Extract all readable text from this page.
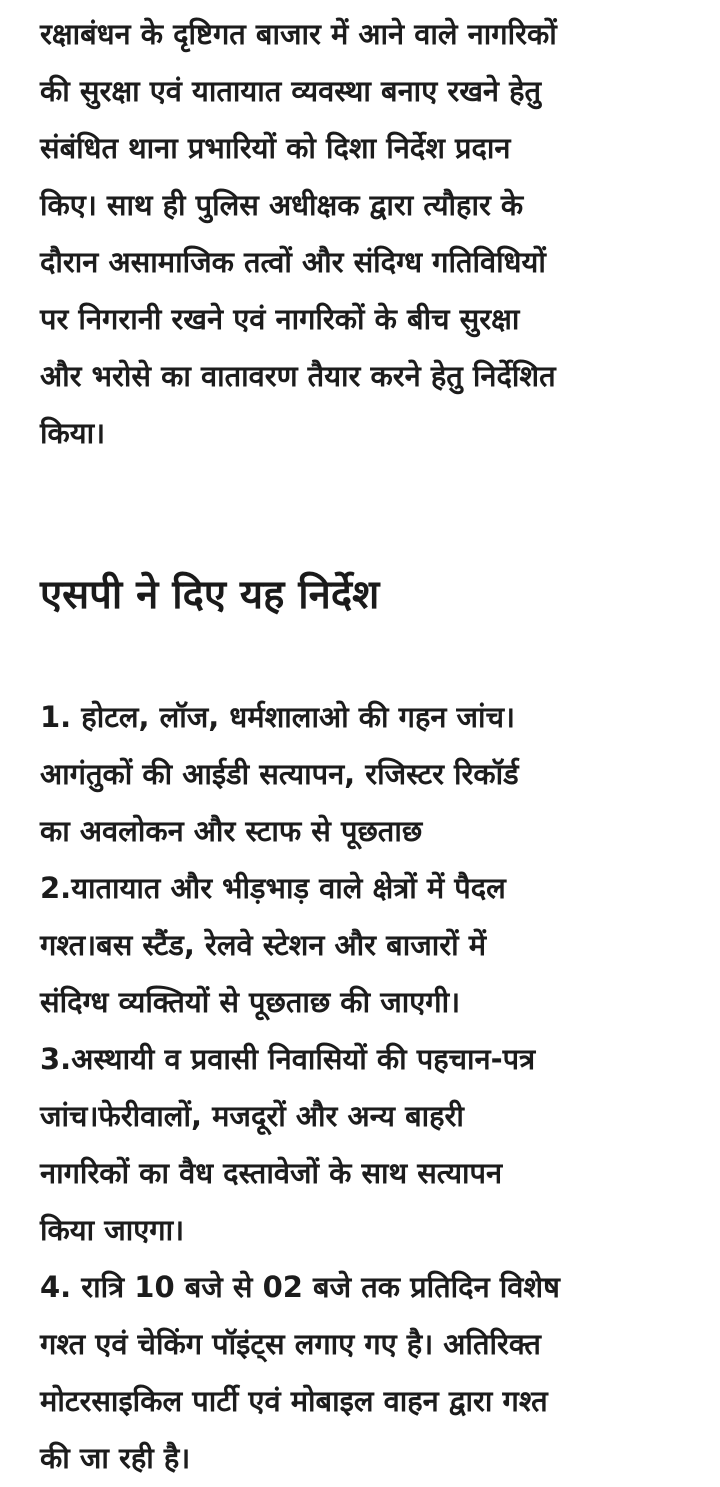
रक्षाबंधन के दृष्टिगत बाजार में आने वाले नागरिकों
की सुरक्षा एवं यातायात व्यवस्था बनाए रखने हेतु
संबंधित थाना प्रभारियों को दिशा निर्देश प्रदान
किए। साथ ही पुलिस अधीक्षक द्वारा त्यौहार के
दौरान असामाजिक तत्वों और संदिग्ध गतिविधियों
पर निगरानी रखने एवं नागरिकों के बीच सुरक्षा
और भरोसे का वातावरण तैयार करने हेतु निर्देशित
किया।
एसपी ने दिए यह निर्देश
1. होटल, लॉज, धर्मशालाओ की गहन जांच।
आगंतुकों की आईडी सत्यापन, रजिस्टर रिकॉर्ड
का अवलोकन और स्टाफ से पूछताछ
2.यातायात और भीड़भाड़ वाले क्षेत्रों में पैदल
गश्त।बस स्टैंड, रेलवे स्टेशन और बाजारों में
संदिग्ध व्यक्तियों से पूछताछ की जाएगी।
3.अस्थायी व प्रवासी निवासियों की पहचान-पत्र
जांच।फेरीवालों, मजदूरों और अन्य बाहरी
नागरिकों का वैध दस्तावेजों के साथ सत्यापन
किया जाएगा।
4. रात्रि 10 बजे से 02 बजे तक प्रतिदिन विशेष
गश्त एवं चेकिंग पॉइंट्स लगाए गए है। अतिरिक्त
मोटरसाइकिल पार्टी एवं मोबाइल वाहन द्वारा गश्त
की जा रही है।
